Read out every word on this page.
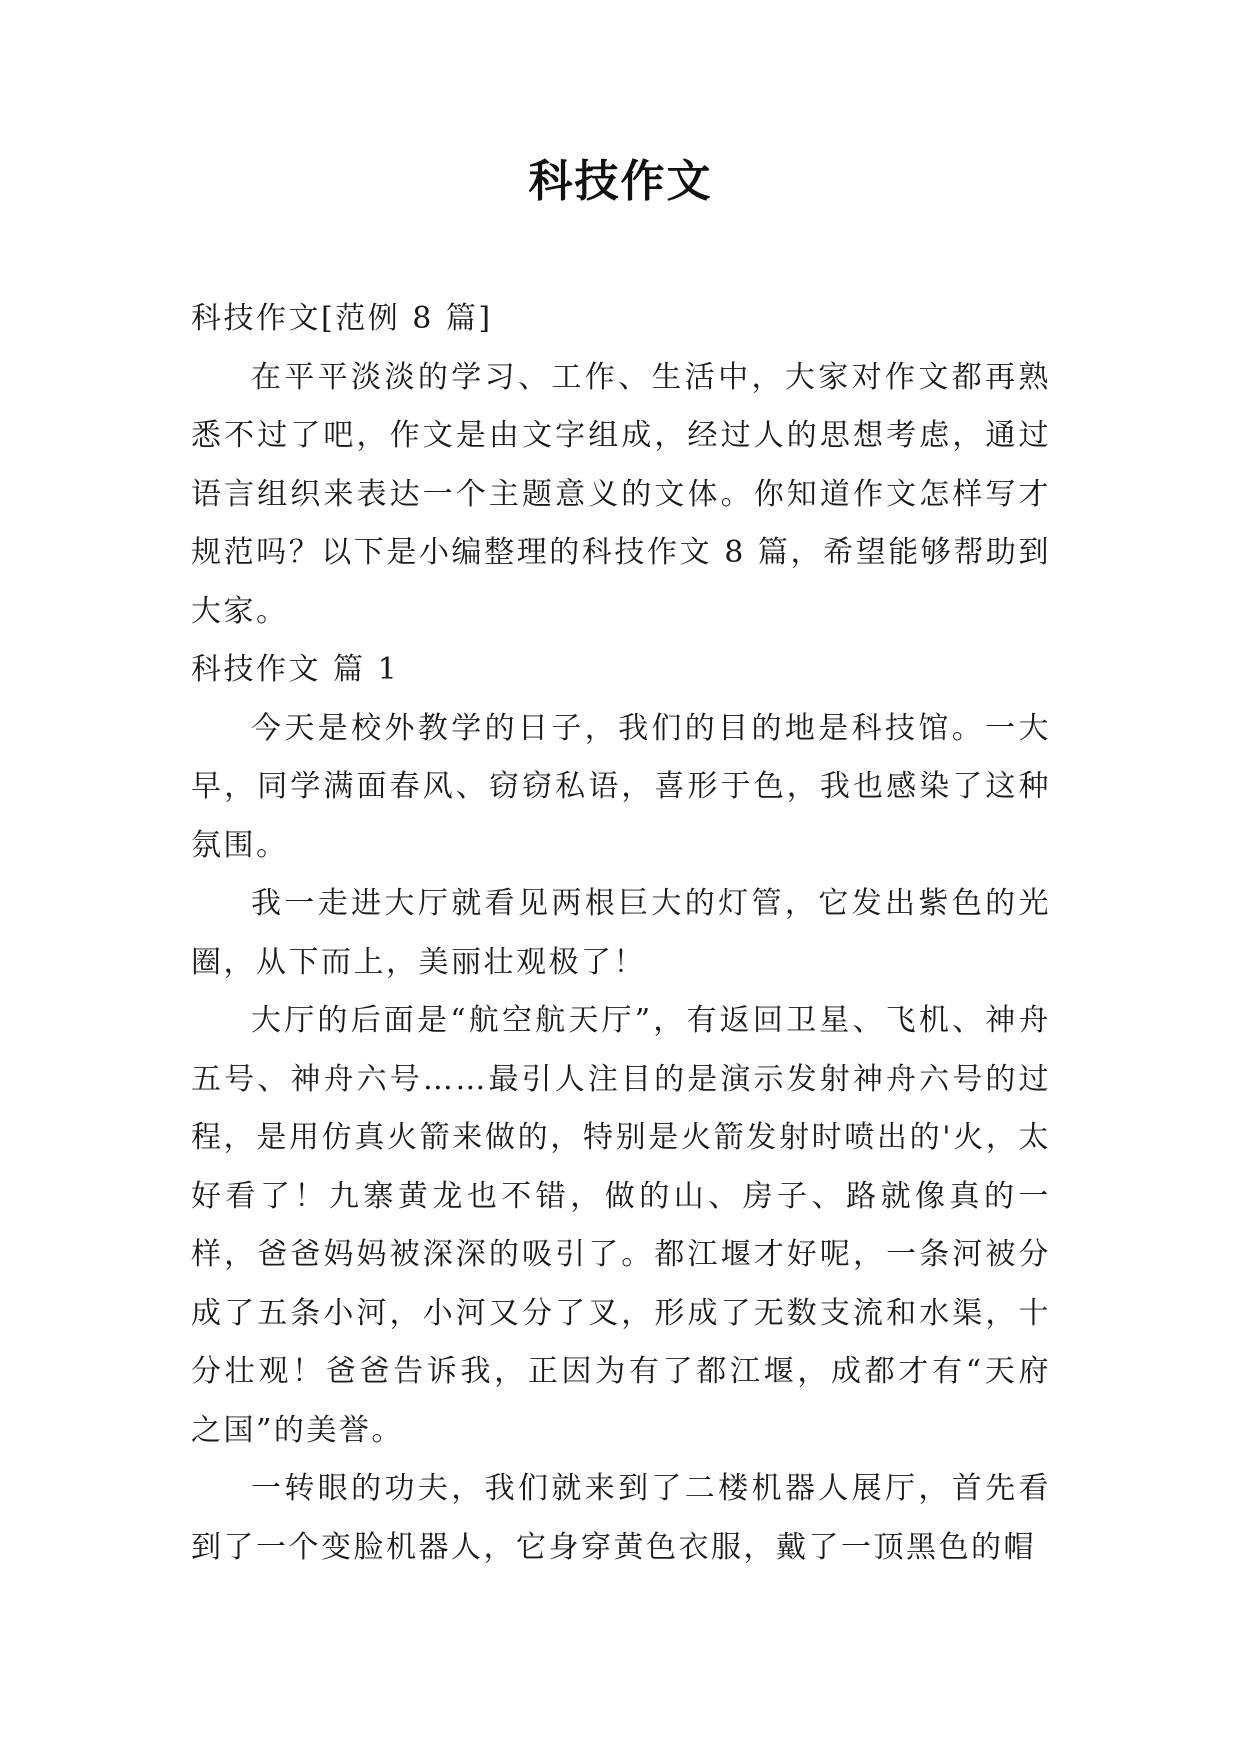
科技作文

科技作文[范例 8 篇]

在平平淡淡的学习、工作、生活中，大家对作文都再熟悉不过了吧，作文是由文字组成，经过人的思想考虑，通过语言组织来表达一个主题意义的文体。你知道作文怎样写才规范吗？以下是小编整理的科技作文 8 篇，希望能够帮助到大家。

科技作文 篇 1

今天是校外教学的日子，我们的目的地是科技馆。一大早，同学满面春风、窃窃私语，喜形于色，我也感染了这种氛围。

我一走进大厅就看见两根巨大的灯管，它发出紫色的光圈，从下而上，美丽壮观极了！

大厅的后面是“航空航天厅”，有返回卫星、飞机、神舟五号、神舟六号……最引人注目的是演示发射神舟六号的过程，是用仿真火箭来做的，特别是火箭发射时喷出的'火，太好看了！九寨黄龙也不错，做的山、房子、路就像真的一样，爸爸妈妈被深深的吸引了。都江堰才好呢，一条河被分成了五条小河，小河又分了叉，形成了无数支流和水渠，十分壮观！爸爸告诉我，正因为有了都江堰，成都才有“天府之国”的美誉。

一转眼的功夫，我们就来到了二楼机器人展厅，首先看到了一个变脸机器人，它身穿黄色衣服，戴了一顶黑色的帽
